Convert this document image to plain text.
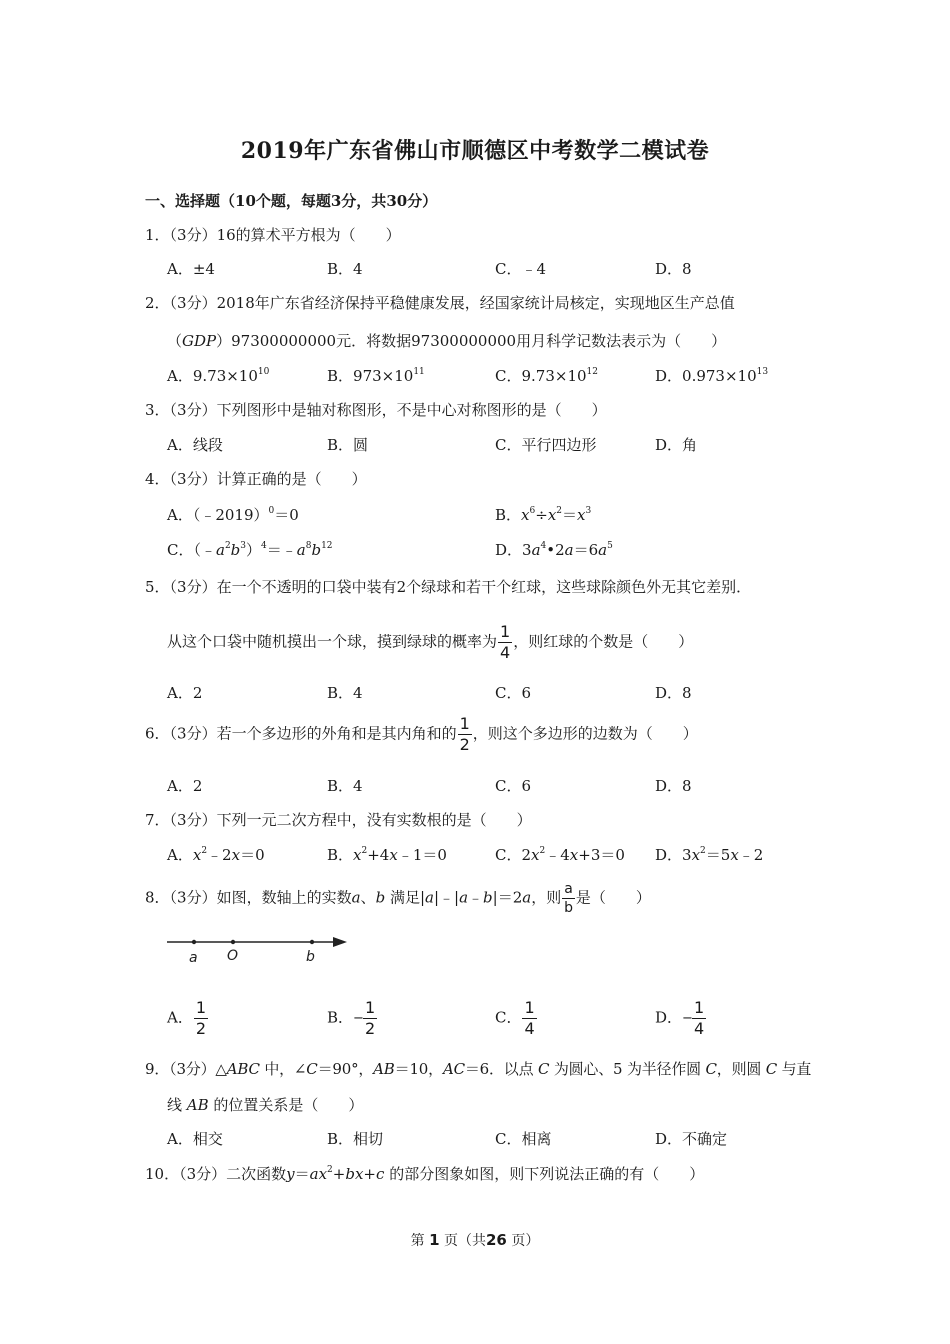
2019年广东省佛山市顺德区中考数学二模试卷
一、选择题（10个题，每题3分，共30分）
1．（3分）16的算术平方根为（　　）
A．±4	B．4	C．﹣4	D．8
2．（3分）2018年广东省经济保持平稳健康发展，经国家统计局核定，实现地区生产总值
（GDP）97300000000元．将数据97300000000用月科学记数法表示为（　　）
A．$9.73\times 10^{10}$	B．$973\times 10^{11}$	C．$9.73\times 10^{12}$	D．$0.973\times 10^{13}$
3．（3分）下列图形中是轴对称图形，不是中心对称图形的是（　　）
A．线段	B．圆	C．平行四边形	D．角
4．（3分）计算正确的是（　　）
A．（﹣2019）$^0$＝0	B．$x^6\div x^2=x^3$
C．$(﹣a^2b^3)^4=﹣a^8b^{12}$	D．$3a^4•2a=6a^5$
5．（3分）在一个不透明的口袋中装有2个绿球和若干个红球，这些球除颜色外无其它差别．
从这个口袋中随机摸出一个球，摸到绿球的概率为 $\frac{1}{4}$ ，则红球的个数是（　　）
A．2	B．4	C．6	D．8
6．（3分）若一个多边形的外角和是其内角和的 $\frac{1}{2}$ ，则这个多边形的边数为（　　）
A．2	B．4	C．6	D．8
7．（3分）下列一元二次方程中，没有实数根的是（　　）
A．$x^2﹣2x=0$	B．$x^2+4x﹣1=0$	C．$2x^2﹣4x+3=0$ D．$3x^2=5x﹣2$
8．（3分）如图，数轴上的实数a、b 满足|a|﹣|a﹣b|＝2a，则 $\frac{a}{b}$ 是（　　）
a O	b
A． $\frac{1}{2}$	B．− $\frac{1}{2}$	C． $\frac{1}{4}$	D．− $\frac{1}{4}$
9．（3分）△ABC 中，∠C＝90°，AB＝10，AC＝6．以点 C 为圆心、5 为半径作圆 C，则圆 C 与直
线 AB 的位置关系是（　　）
A．相交	B．相切	C．相离	D．不确定
10．（3分）二次函数$y=ax^2+bx+c$ 的部分图象如图，则下列说法正确的有（　　）
第 1 页（共26 页）
